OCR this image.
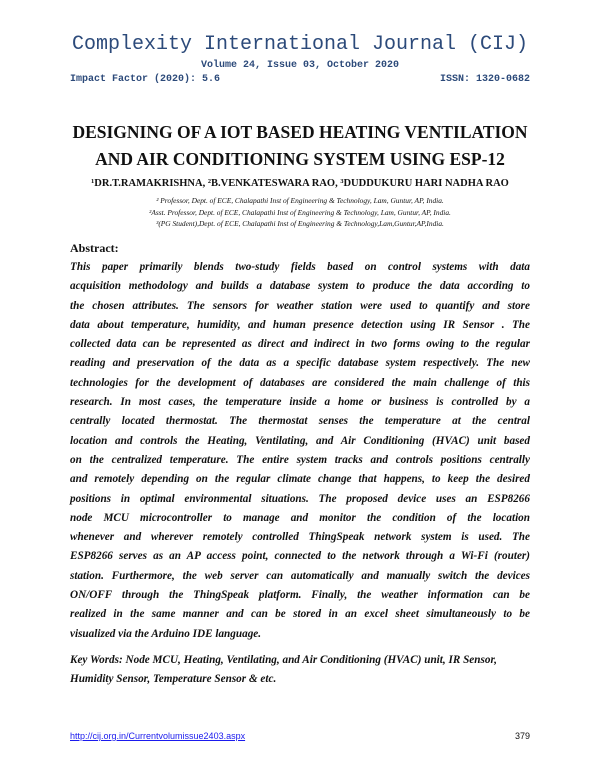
Complexity International Journal (CIJ)
Volume 24, Issue 03, October 2020
Impact Factor (2020): 5.6	ISSN: 1320-0682
DESIGNING OF A IOT BASED HEATING VENTILATION
AND AIR CONDITIONING SYSTEM USING ESP-12
¹DR.T.RAMAKRISHNA, ²B.VENKATESWARA RAO, ³DUDDUKURU HARI NADHA RAO
² Professor, Dept. of ECE, Chalapathi Inst of Engineering & Technology, Lam, Guntur, AP, India.
²Asst. Professor, Dept. of ECE, Chalapathi Inst of Engineering & Technology, Lam, Guntur, AP, India.
³(PG Student),Dept. of ECE, Chalapathi Inst of Engineering & Technology,Lam,Guntur,AP,India.
Abstract:
This paper primarily blends two-study fields based on control systems with data
acquisition methodology and builds a database system to produce the data according to
the chosen attributes. The sensors for weather station were used to quantify and store
data about temperature, humidity, and human presence detection using IR Sensor . The
collected data can be represented as direct and indirect in two forms owing to the regular
reading and preservation of the data as a specific database system respectively. The new
technologies for the development of databases are considered the main challenge of this
research. In most cases, the temperature inside a home or business is controlled by a
centrally located thermostat. The thermostat senses the temperature at the central
location and controls the Heating, Ventilating, and Air Conditioning (HVAC) unit based
on the centralized temperature. The entire system tracks and controls positions centrally
and remotely depending on the regular climate change that happens, to keep the desired
positions in optimal environmental situations. The proposed device uses an ESP8266
node MCU microcontroller to manage and monitor the condition of the location
whenever and wherever remotely controlled ThingSpeak network system is used. The
ESP8266 serves as an AP access point, connected to the network through a Wi-Fi (router)
station. Furthermore, the web server can automatically and manually switch the devices
ON/OFF through the ThingSpeak platform. Finally, the weather information can be
realized in the same manner and can be stored in an excel sheet simultaneously to be
visualized via the Arduino IDE language.
Key Words: Node MCU, Heating, Ventilating, and Air Conditioning (HVAC) unit, IR Sensor, Humidity Sensor, Temperature Sensor & etc.
http://cij.org.in/Currentvolumissue2403.aspx	379
